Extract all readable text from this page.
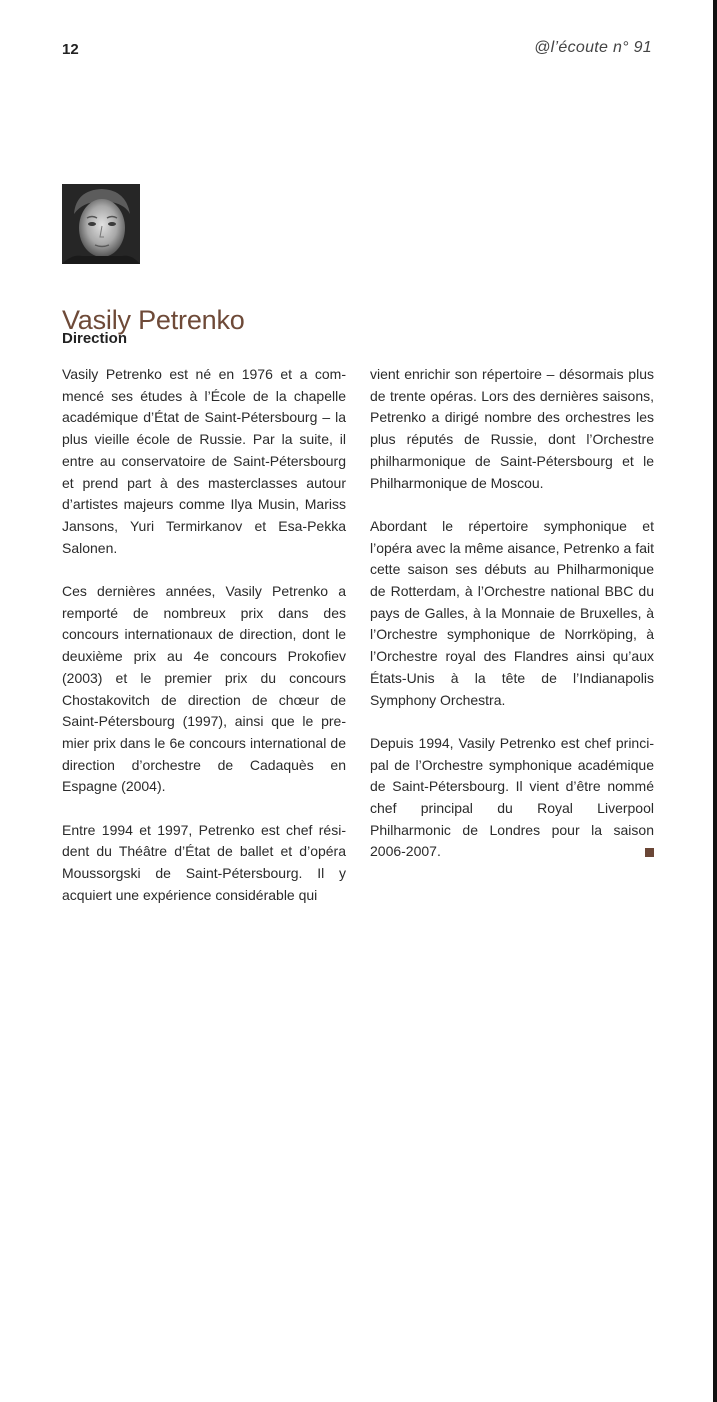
12	@l’écoute n° 91
Vasily Petrenko
Direction

Vasily Petrenko est né en 1976 et a commencé ses études à l’École de la chapelle académique d’État de Saint-Pétersbourg – la plus vieille école de Russie. Par la suite, il entre au conservatoire de Saint-Pétersbourg et prend part à des masterclasses autour d’artistes majeurs comme Ilya Musin, Mariss Jansons, Yuri Termirkanov et Esa-Pekka Salonen.

Ces dernières années, Vasily Petrenko a remporté de nombreux prix dans des concours internationaux de direction, dont le deuxième prix au 4e concours Prokofiev (2003) et le premier prix du concours Chostakovitch de direction de chœur de Saint-Pétersbourg (1997), ainsi que le premier prix dans le 6e concours international de direction d’orchestre de Cadaquès en Espagne (2004).

Entre 1994 et 1997, Petrenko est chef résident du Théâtre d’État de ballet et d’opéra Moussorgski de Saint-Pétersbourg. Il y acquiert une expérience considérable qui

vient enrichir son répertoire – désormais plus de trente opéras. Lors des dernières saisons, Petrenko a dirigé nombre des orchestres les plus réputés de Russie, dont l’Orchestre philharmonique de Saint-Pétersbourg et le Philharmonique de Moscou.

Abordant le répertoire symphonique et l’opéra avec la même aisance, Petrenko a fait cette saison ses débuts au Philharmonique de Rotterdam, à l’Orchestre national BBC du pays de Galles, à la Monnaie de Bruxelles, à l’Orchestre symphonique de Norrköping, à l’Orchestre royal des Flandres ainsi qu’aux États-Unis à la tête de l’Indianapolis Symphony Orchestra.

Depuis 1994, Vasily Petrenko est chef principal de l’Orchestre symphonique académique de Saint-Pétersbourg. Il vient d’être nommé chef principal du Royal Liverpool Philharmonic de Londres pour la saison 2006-2007.
